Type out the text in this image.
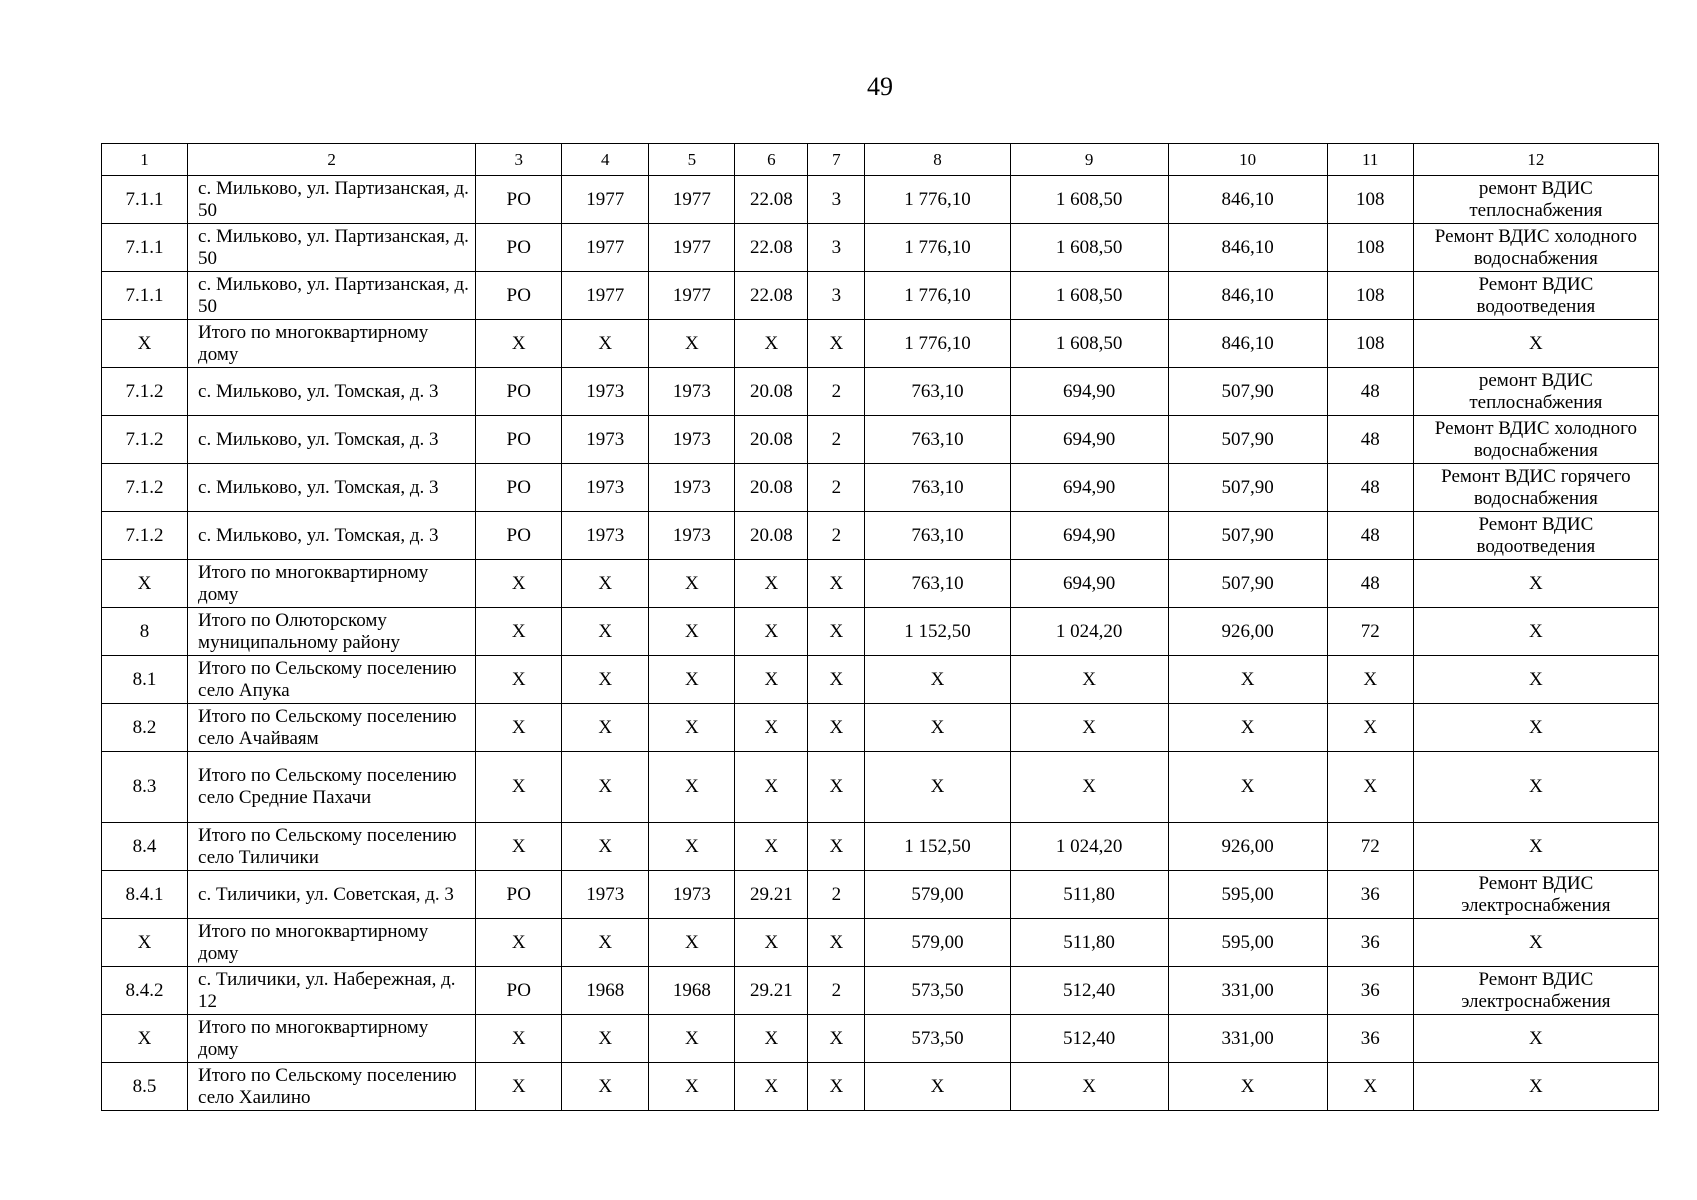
49
1	2	3	4	5	6	7	8	9	10	11	12
7.1.1	с. Мильково, ул. Партизанская, д. 50	РО	1977	1977	22.08	3	1 776,10	1 608,50	846,10	108	ремонт ВДИС теплоснабжения
7.1.1	с. Мильково, ул. Партизанская, д. 50	РО	1977	1977	22.08	3	1 776,10	1 608,50	846,10	108	Ремонт ВДИС холодного водоснабжения
7.1.1	с. Мильково, ул. Партизанская, д. 50	РО	1977	1977	22.08	3	1 776,10	1 608,50	846,10	108	Ремонт ВДИС водоотведения
X	Итого по многоквартирному дому	X	X	X	X	X	1 776,10	1 608,50	846,10	108	X
7.1.2	с. Мильково, ул. Томская, д. 3	РО	1973	1973	20.08	2	763,10	694,90	507,90	48	ремонт ВДИС теплоснабжения
7.1.2	с. Мильково, ул. Томская, д. 3	РО	1973	1973	20.08	2	763,10	694,90	507,90	48	Ремонт ВДИС холодного водоснабжения
7.1.2	с. Мильково, ул. Томская, д. 3	РО	1973	1973	20.08	2	763,10	694,90	507,90	48	Ремонт ВДИС горячего водоснабжения
7.1.2	с. Мильково, ул. Томская, д. 3	РО	1973	1973	20.08	2	763,10	694,90	507,90	48	Ремонт ВДИС водоотведения
X	Итого по многоквартирному дому	X	X	X	X	X	763,10	694,90	507,90	48	X
8	Итого по Олюторскому муниципальному району	X	X	X	X	X	1 152,50	1 024,20	926,00	72	X
8.1	Итого по Сельскому поселению село Апука	X	X	X	X	X	X	X	X	X	X
8.2	Итого по Сельскому поселению село Ачайваям	X	X	X	X	X	X	X	X	X	X
8.3	Итого по Сельскому поселению село Средние Пахачи	X	X	X	X	X	X	X	X	X	X
8.4	Итого по Сельскому поселению село Тиличики	X	X	X	X	X	1 152,50	1 024,20	926,00	72	X
8.4.1	с. Тиличики, ул. Советская, д. 3	РО	1973	1973	29.21	2	579,00	511,80	595,00	36	Ремонт ВДИС электроснабжения
X	Итого по многоквартирному дому	X	X	X	X	X	579,00	511,80	595,00	36	X
8.4.2	с. Тиличики, ул. Набережная, д. 12	РО	1968	1968	29.21	2	573,50	512,40	331,00	36	Ремонт ВДИС электроснабжения
X	Итого по многоквартирному дому	X	X	X	X	X	573,50	512,40	331,00	36	X
8.5	Итого по Сельскому поселению село Хаилино	X	X	X	X	X	X	X	X	X	X
